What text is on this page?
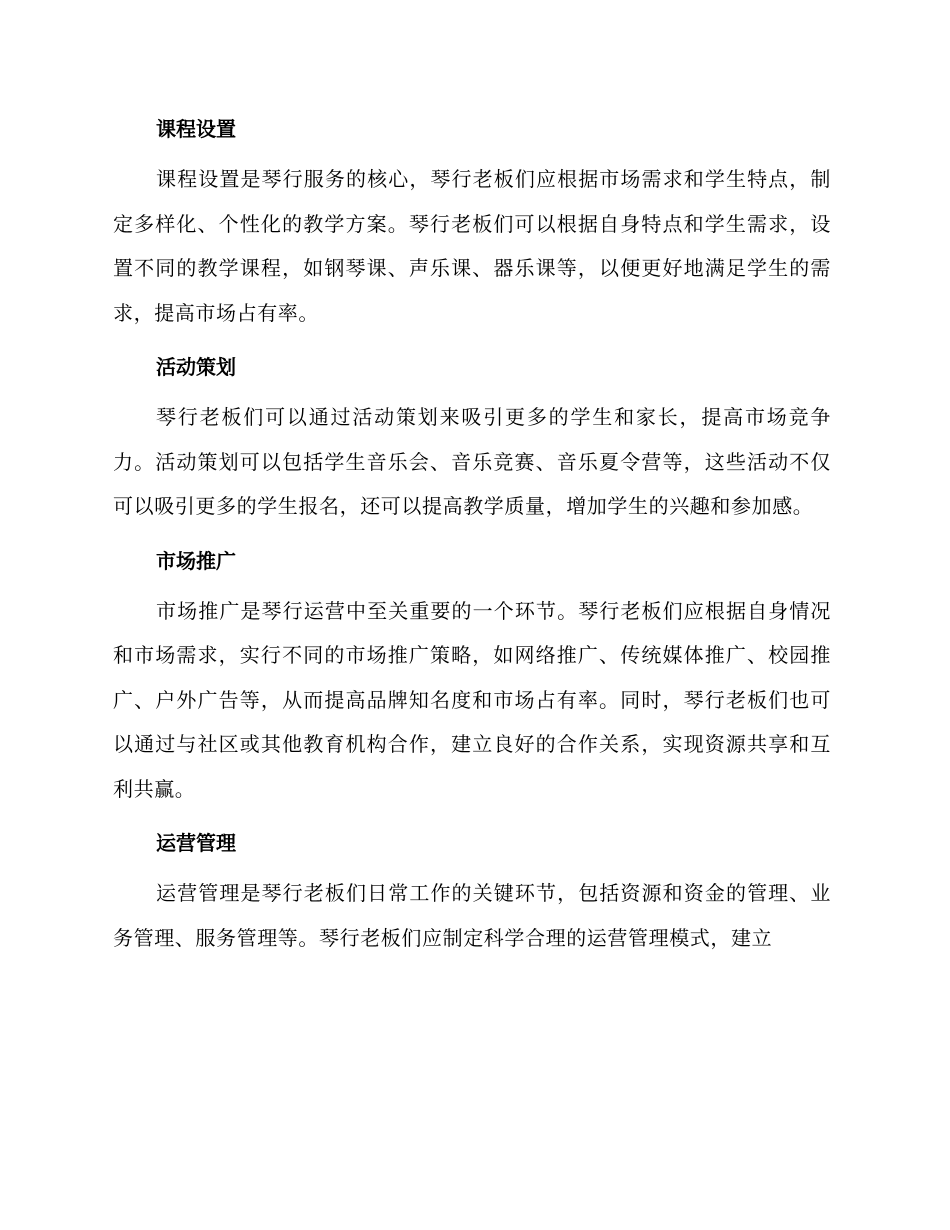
课程设置

课程设置是琴行服务的核心，琴行老板们应根据市场需求和学生特点，制定多样化、个性化的教学方案。琴行老板们可以根据自身特点和学生需求，设置不同的教学课程，如钢琴课、声乐课、器乐课等，以便更好地满足学生的需求，提高市场占有率。

活动策划

琴行老板们可以通过活动策划来吸引更多的学生和家长，提高市场竞争力。活动策划可以包括学生音乐会、音乐竞赛、音乐夏令营等，这些活动不仅可以吸引更多的学生报名，还可以提高教学质量，增加学生的兴趣和参加感。

市场推广

市场推广是琴行运营中至关重要的一个环节。琴行老板们应根据自身情况和市场需求，实行不同的市场推广策略，如网络推广、传统媒体推广、校园推广、户外广告等，从而提高品牌知名度和市场占有率。同时，琴行老板们也可以通过与社区或其他教育机构合作，建立良好的合作关系，实现资源共享和互利共赢。

运营管理

运营管理是琴行老板们日常工作的关键环节，包括资源和资金的管理、业务管理、服务管理等。琴行老板们应制定科学合理的运营管理模式，建立
